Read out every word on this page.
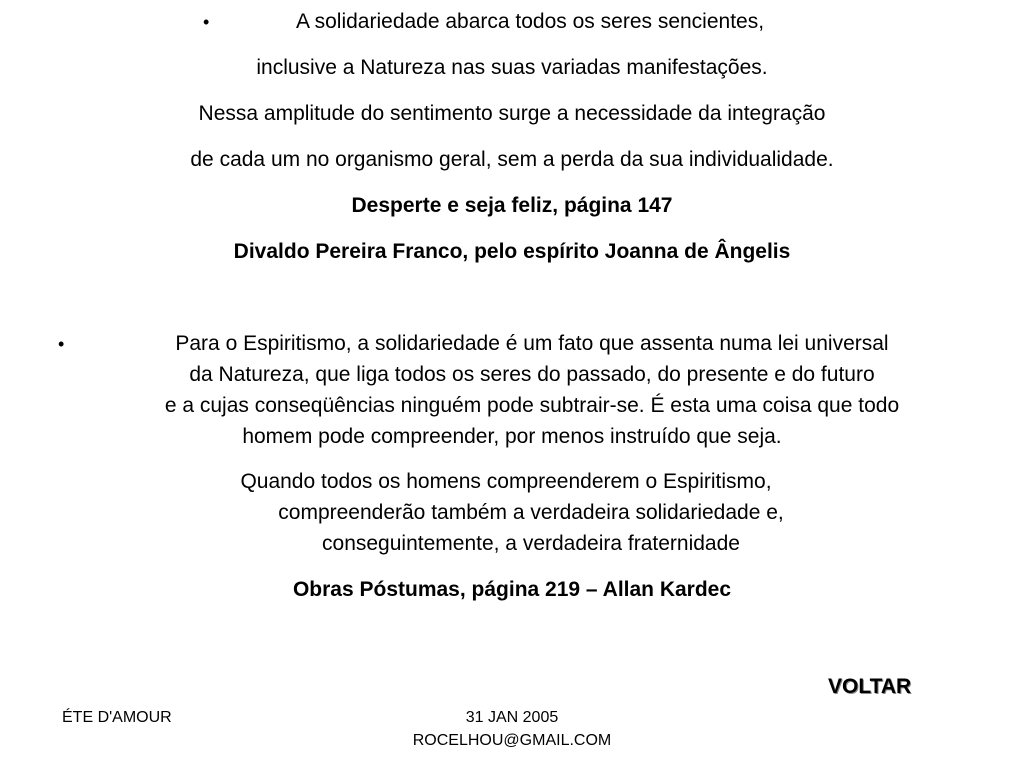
•	A solidariedade abarca todos os seres sencientes,
inclusive a Natureza nas suas variadas manifestações.
Nessa amplitude do sentimento surge a necessidade da integração
de cada um no organismo geral, sem a perda da sua individualidade.
Desperte e seja feliz, página 147
Divaldo Pereira Franco, pelo espírito Joanna de Ângelis
•	Para o Espiritismo, a solidariedade é um fato que assenta numa lei universal
da Natureza, que liga todos os seres do passado, do presente e do futuro
e a cujas conseqüências ninguém pode subtrair-se. É esta uma coisa que todo
homem pode compreender, por menos instruído que seja.
Quando todos os homens compreenderem o Espiritismo,
compreenderão também a verdadeira solidariedade e,
conseguintemente, a verdadeira fraternidade
Obras Póstumas, página 219 – Allan Kardec
VOLTAR
ÉTE D'AMOUR	31 JAN 2005
ROCELHOU@GMAIL.COM
